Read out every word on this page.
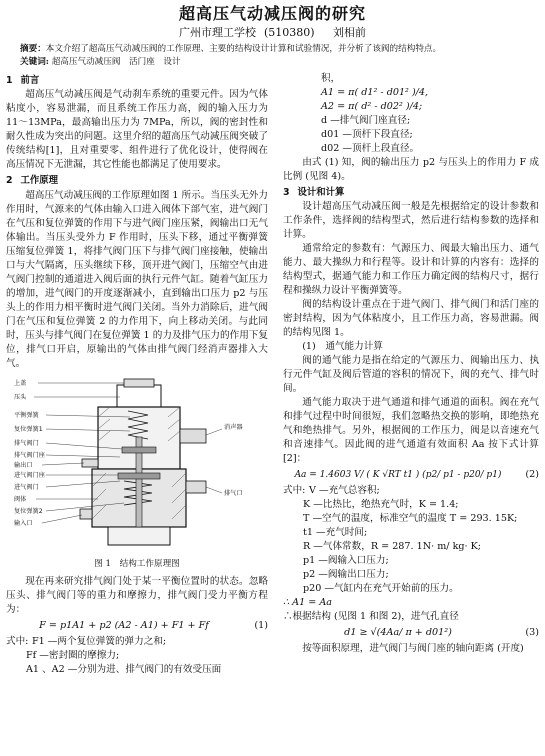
超高压气动减压阀的研究
广州市理工学校 (510380) 刘相前
摘要：本文介绍了超高压气动减压阀的工作原理、主要的结构设计计算和试验情况，并分析了该阀的结构特点。
关键词: 超高压气动减压阀　活门座　设计
1 前言

超高压气动减压阀是气动刹车系统的重要元件。因为气体粘度小，容易泄漏，而且系统工作压力高，阀的输入压力为 11～13MPa，最高输出压力为 7MPa，所以，阀的密封性和耐久性成为突出的问题。这里介绍的超高压气动减压阀突破了传统结构[1]，且对重要零、组件进行了优化设计，使得阀在高压情况下无泄漏，其它性能也都满足了使用要求。

2 工作原理

超高压气动减压阀的工作原理如图 1 所示。当压头无外力作用时，气源来的气体由输入口进入阀体下部气室，进气阀门在气压和复位弹簧的作用下与进气阀门座压紧，阀输出口无气体输出。当压头受外力 F 作用时，压头下移，通过平衡弹簧压缩复位弹簧 1，将排气阀门压下与排气阀门座接触，使输出口与大气隔离，压头继续下移，顶开进气阀门，压缩空气由进气阀门控制的通道进入阀后面的执行元件气缸。随着气缸压力的增加，进气阀门的开度逐渐减小，直到输出口压力 p2 与压头上的作用力相平衡时进气阀门关闭。当外力消除后，进气阀门在气压和复位弹簧 2 的力作用下，向上移动关闭。与此同时，压头与排气阀门在复位弹簧 1 的力及排气压力的作用下复位，排气口开启，原输出的气体由排气阀门经消声器排入大气。

上盖
压头
平衡弹簧
复位弹簧1
排气阀门
排气阀门座
输出口
进气阀门座
进气阀门
阀体
复位弹簧2
输入口
消声器
排气口
图 1　结构工作原理图

现在再来研究排气阀门处于某一平衡位置时的状态。忽略压头、排气阀门等的重力和摩擦力，排气阀门受力平衡方程为：

F = p1A1 + p2 (A2 - A1) + F1 + Ff	(1)
式中: F1 —两个复位弹簧的弹力之和;
Ff —密封圈的摩擦力;
A1 、A2 —分别为进、排气阀门的有效受压面
积，
A1 = π( d1² - d01² )/4,
A2 = π( d² - d02² )/4;
d —排气阀门座直径;
d01 —顶杆下段直径;
d02 —顶杆上段直径。

由式 (1) 知，阀的输出压力 p2 与压头上的作用力 F 成比例 (见图 4)。

3 设计和计算

设计超高压气动减压阀一般是先根据给定的设计参数和工作条件，选择阀的结构型式，然后进行结构参数的选择和计算。

通常给定的参数有：气源压力、阀最大输出压力、通气能力、最大操纵力和行程等。设计和计算的内容有：选择的结构型式，据通气能力和工作压力确定阀的结构尺寸，据行程和操纵力设计平衡弹簧等。

阀的结构设计重点在于进气阀门、排气阀门和活门座的密封结构，因为气体粘度小，且工作压力高，容易泄漏。阀的结构见图 1。

(1)　通气能力计算

阀的通气能力是指在给定的气源压力、阀输出压力、执行元件气缸及阀后管道的容积的情况下，阀的充气、排气时间。

通气能力取决于进气通道和排气通道的面积。阀在充气和排气过程中时间很短，我们忽略热交换的影响，即绝热充气和绝热排气。另外，根据阀的工作压力，阀是以音速充气和音速排气。因此阀的进气通道有效面积 Aa 按下式计算[2]：

Aa = 1.4603 V/ ( K √RT t1 ) (p2/ p1 - p20/ p1)	(2)
式中: V —充气总容积;
K —比热比，绝热充气时，K = 1.4;
T —空气的温度，标准空气的温度 T = 293. 15K;
t1 —充气时间;
R —气体常数，R = 287. 1N· m/ kg· K;
p1 —阀输入口压力;
p2 —阀输出口压力;
p20 —气缸内在充气开始前的压力。
∴ A1 = Aa
∴根据结构 (见图 1 和图 2)，进气孔直径
d1 ≥ √(4Aa/ π + d01²)	(3)

按等面积原理，进气阀门与阀门座的轴向距离 (开度)
